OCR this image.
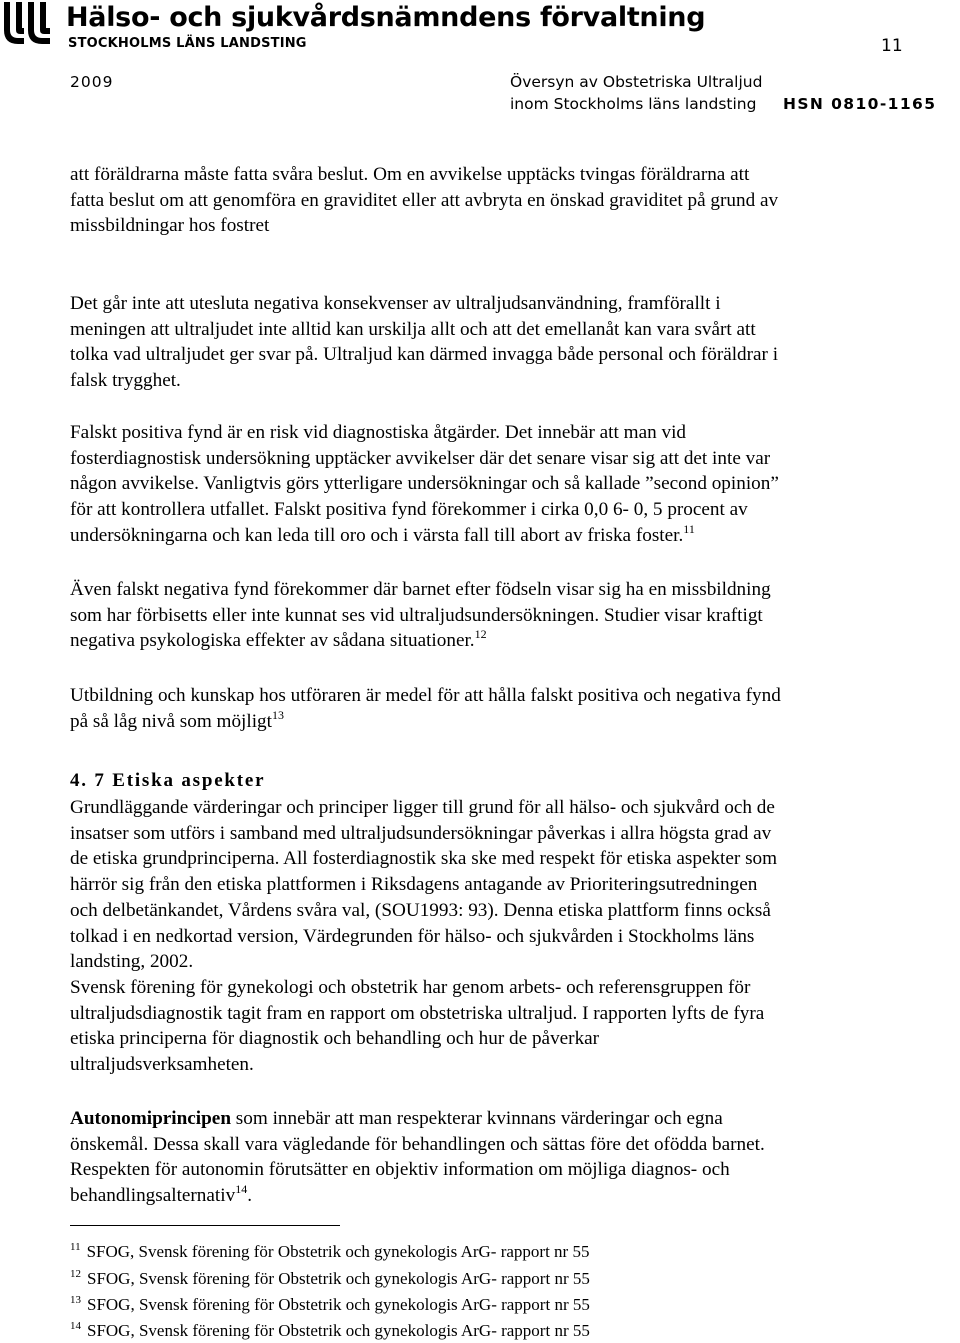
Hälso- och sjukvårdsnämndens förvaltning
STOCKHOLMS LÄNS LANDSTING	11
2009	Översyn av Obstetriska Ultraljud
inom Stockholms läns landsting HSN 0810-1165

att föräldrarna måste fatta svåra beslut. Om en avvikelse upptäcks tvingas föräldrarna att

fatta beslut om att genomföra en graviditet eller att avbryta en önskad graviditet på grund av

missbildningar hos fostret

Det går inte att utesluta negativa konsekvenser av ultraljudsanvändning, framförallt i

meningen att ultraljudet inte alltid kan urskilja allt och att det emellanåt kan vara svårt att

tolka vad ultraljudet ger svar på. Ultraljud kan därmed invagga både personal och föräldrar i

falsk trygghet.

Falskt positiva fynd är en risk vid diagnostiska åtgärder. Det innebär att man vid

fosterdiagnostisk undersökning upptäcker avvikelser där det senare visar sig att det inte var

någon avvikelse. Vanligtvis görs ytterligare undersökningar och så kallade ”second opinion”

för att kontrollera utfallet. Falskt positiva fynd förekommer i cirka 0,0 6- 0, 5 procent av

undersökningarna och kan leda till oro och i värsta fall till abort av friska foster.$^{11}$

Även falskt negativa fynd förekommer där barnet efter födseln visar sig ha en missbildning

som har förbisetts eller inte kunnat ses vid ultraljudsundersökningen. Studier visar kraftigt

negativa psykologiska effekter av sådana situationer.$^{12}$

Utbildning och kunskap hos utföraren är medel för att hålla falskt positiva och negativa fynd

på så låg nivå som möjligt$^{13}$

4. 7 Etiska aspekter

Grundläggande värderingar och principer ligger till grund för all hälso- och sjukvård och de

insatser som utförs i samband med ultraljudsundersökningar påverkas i allra högsta grad av

de etiska grundprinciperna. All fosterdiagnostik ska ske med respekt för etiska aspekter som

härrör sig från den etiska plattformen i Riksdagens antagande av Prioriteringsutredningen

och delbetänkandet, Vårdens svåra val, (SOU1993: 93). Denna etiska plattform finns också

tolkad i en nedkortad version, Värdegrunden för hälso- och sjukvården i Stockholms läns

landsting, 2002.

Svensk förening för gynekologi och obstetrik har genom arbets- och referensgruppen för

ultraljudsdiagnostik tagit fram en rapport om obstetriska ultraljud. I rapporten lyfts de fyra

etiska principerna för diagnostik och behandling och hur de påverkar

ultraljudsverksamheten.

Autonomiprincipen som innebär att man respekterar kvinnans värderingar och egna

önskemål. Dessa skall vara vägledande för behandlingen och sättas före det ofödda barnet.

Respekten för autonomin förutsätter en objektiv information om möjliga diagnos- och

behandlingsalternativ$^{14}$.

$^{11}$ SFOG, Svensk förening för Obstetrik och gynekologis ArG- rapport nr 55
$^{12}$ SFOG, Svensk förening för Obstetrik och gynekologis ArG- rapport nr 55
$^{13}$ SFOG, Svensk förening för Obstetrik och gynekologis ArG- rapport nr 55
$^{14}$ SFOG, Svensk förening för Obstetrik och gynekologis ArG- rapport nr 55
